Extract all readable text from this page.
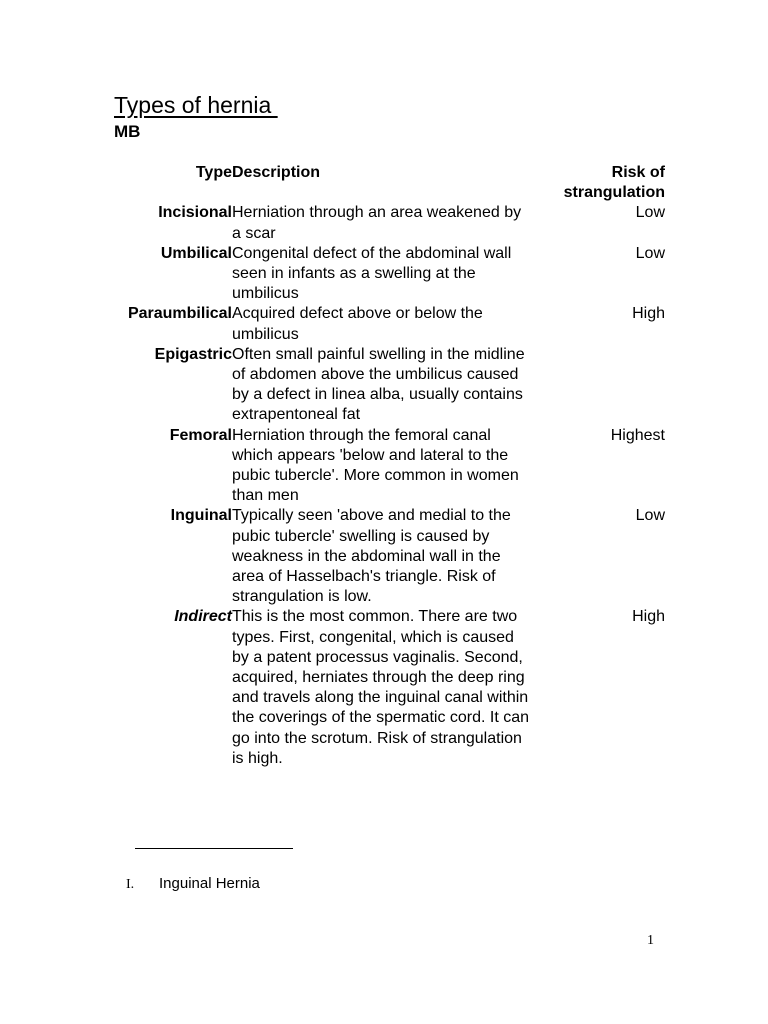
Types of hernia
MB
Type	Description	Risk of strangulation
Incisional	Herniation through an area weakened by a scar	Low
Umbilical	Congenital defect of the abdominal wall seen in infants as a swelling at the umbilicus	Low
Paraumbilical	Acquired defect above or below the umbilicus	High
Epigastric	Often small painful swelling in the midline of abdomen above the umbilicus caused by a defect in linea alba, usually contains extrapentoneal fat	
Femoral	Herniation through the femoral canal which appears 'below and lateral to the pubic tubercle'. More common in women than men	Highest
Inguinal	Typically seen 'above and medial to the pubic tubercle' swelling is caused by weakness in the abdominal wall in the area of Hasselbach's triangle. Risk of strangulation is low.	Low
Indirect	This is the most common. There are two types. First, congenital, which is caused by a patent processus vaginalis. Second, acquired, herniates through the deep ring and travels along the inguinal canal within the coverings of the spermatic cord. It can go into the scrotum. Risk of strangulation is high.	High
I. Inguinal Hernia
1
